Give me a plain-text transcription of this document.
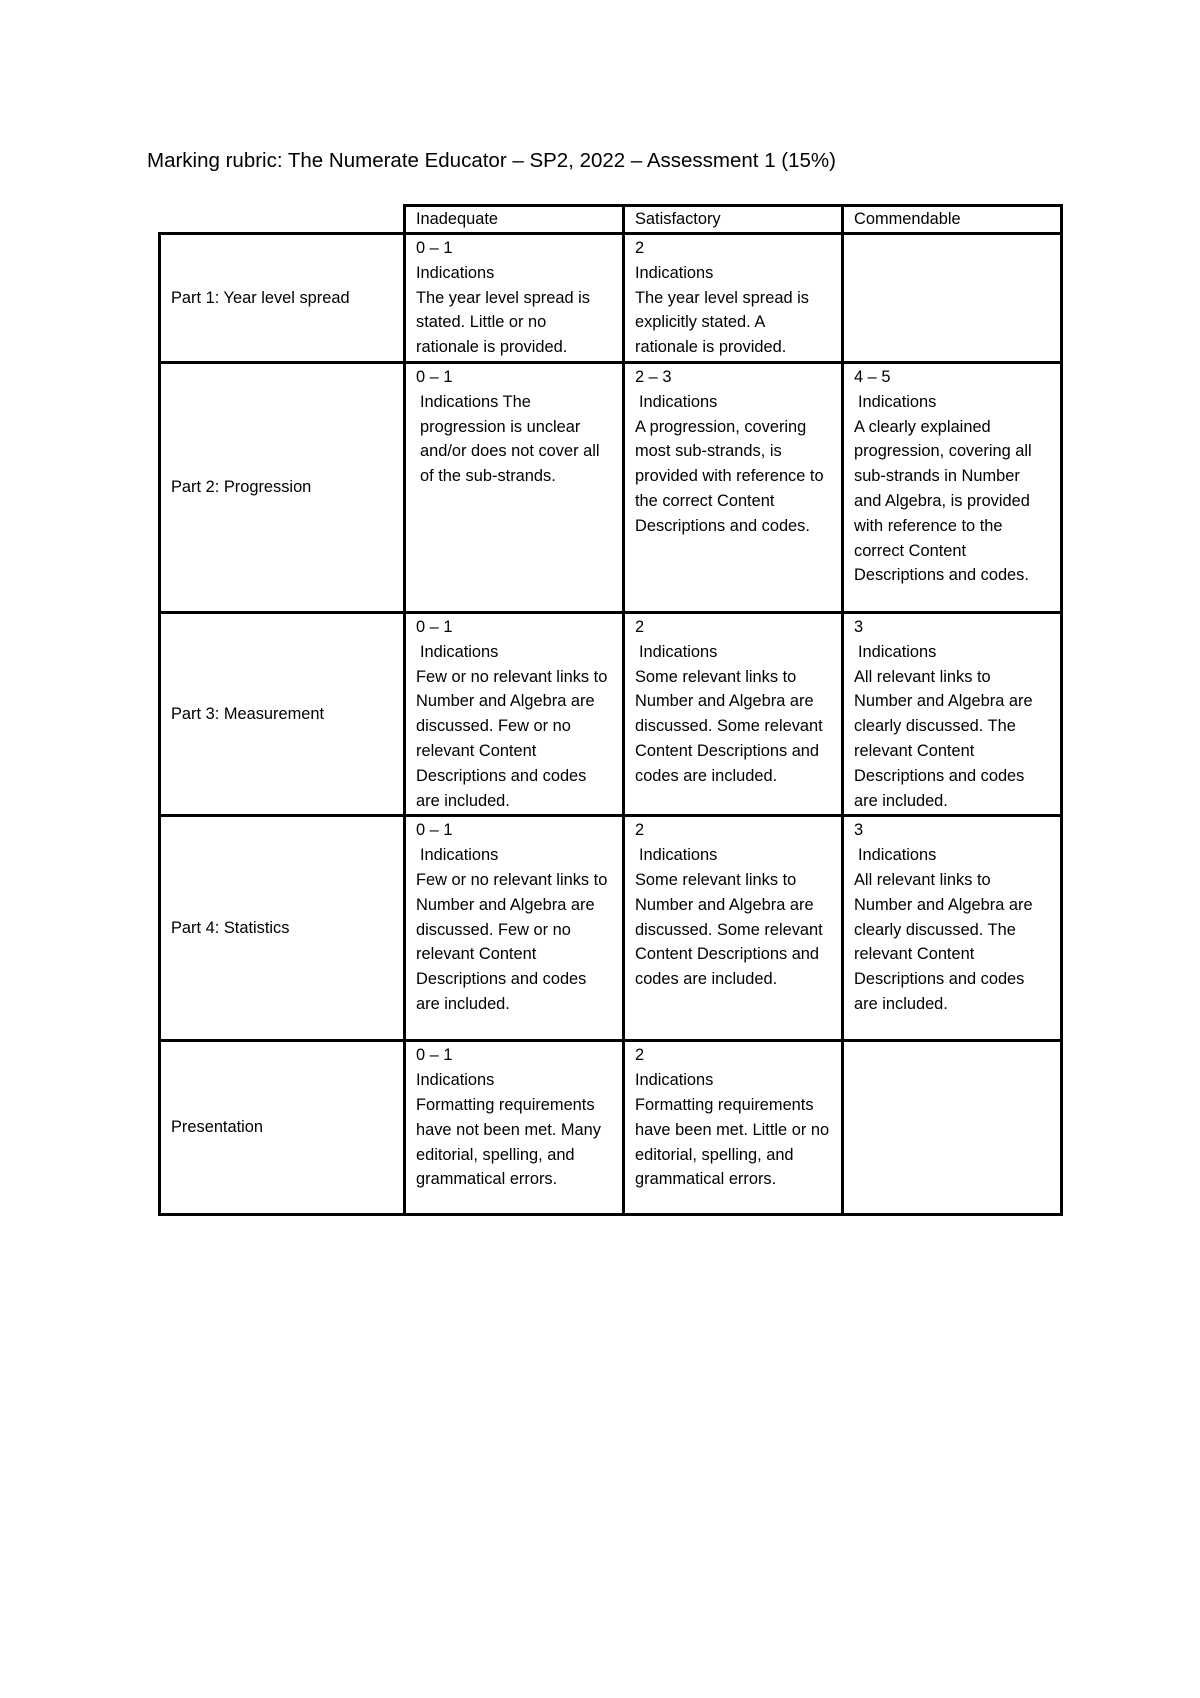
Marking rubric: The Numerate Educator – SP2, 2022 – Assessment 1 (15%)
	Inadequate	Satisfactory	Commendable
Part 1: Year level spread	0 – 1
Indications
The year level spread is stated. Little or no rationale is provided.	2
Indications
The year level spread is explicitly stated. A rationale is provided.	

Part 2: Progression	0 – 1
Indications The progression is unclear and/or does not cover all of the sub-strands.	2 – 3
Indications
A progression, covering most sub-strands, is provided with reference to the correct Content Descriptions and codes.	4 – 5
Indications
A clearly explained progression, covering all sub-strands in Number and Algebra, is provided with reference to the correct Content Descriptions and codes.

Part 3: Measurement	0 – 1
Indications
Few or no relevant links to Number and Algebra are discussed. Few or no relevant Content Descriptions and codes are included.	2
Indications
Some relevant links to Number and Algebra are discussed. Some relevant Content Descriptions and codes are included.	3
Indications
All relevant links to Number and Algebra are clearly discussed. The relevant Content Descriptions and codes are included.

Part 4: Statistics	0 – 1
Indications
Few or no relevant links to Number and Algebra are discussed. Few or no relevant Content Descriptions and codes are included.	2
Indications
Some relevant links to Number and Algebra are discussed. Some relevant Content Descriptions and codes are included.	3
Indications
All relevant links to Number and Algebra are clearly discussed. The relevant Content Descriptions and codes are included.

Presentation	0 – 1
Indications
Formatting requirements have not been met. Many editorial, spelling, and grammatical errors.	2
Indications
Formatting requirements have been met. Little or no editorial, spelling, and grammatical errors.	
